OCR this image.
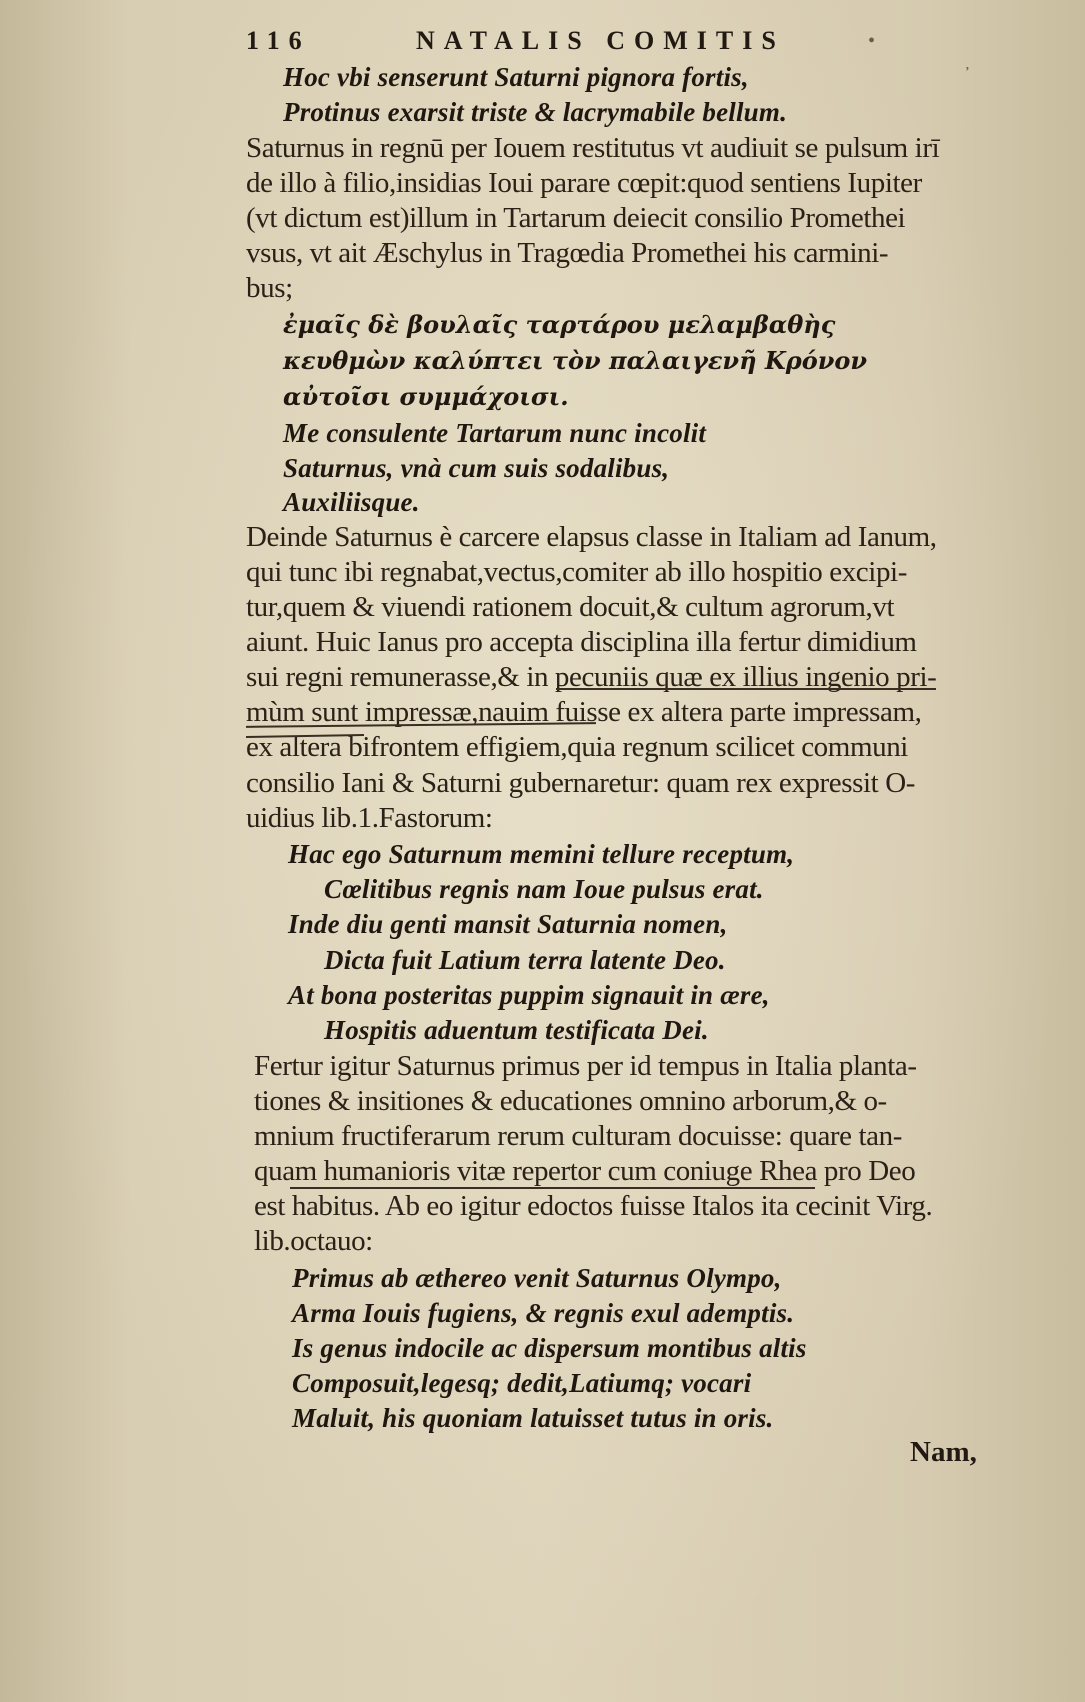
116	NATALIS COMITIS	•
᾽
Hoc vbi senserunt Saturni pignora fortis,
Protinus exarsit triste & lacrymabile bellum.
Saturnus in regnū per Iouem restitutus vt audiuit se pulsum irī
de illo à filio,insidias Ioui parare cœpit:quod sentiens Iupiter
(vt dictum est)illum in Tartarum deiecit consilio Promethei
vsus, vt ait Æschylus in Tragœdia Promethei his carmini-
bus;
ἐμαῖς δὲ βουλαῖς ταρτάρου μελαμβαθὴς
κευθμὼν καλύπτει τὸν παλαιγενῆ Κρόνον
αὐτοῖσι συμμάχοισι.
Me consulente Tartarum nunc incolit
Saturnus, vnà cum suis sodalibus,
Auxiliisque.
Deinde Saturnus è carcere elapsus classe in Italiam ad Ianum,
qui tunc ibi regnabat,vectus,comiter ab illo hospitio excipi-
tur,quem & viuendi rationem docuit,& cultum agrorum,vt
aiunt. Huic Ianus pro accepta disciplina illa fertur dimidium
sui regni remunerasse,& in pecuniis quæ ex illius ingenio pri-
mùm sunt impressæ,nauim fuisse ex altera parte impressam,
ex altera bifrontem effigiem,quia regnum scilicet communi
consilio Iani & Saturni gubernaretur: quam rex expressit O-
uidius lib.1.Fastorum:
Hac ego Saturnum memini tellure receptum,
Cœlitibus regnis nam Ioue pulsus erat.
Inde diu genti mansit Saturnia nomen,
Dicta fuit Latium terra latente Deo.
At bona posteritas puppim signauit in ære,
Hospitis aduentum testificata Dei.
Fertur igitur Saturnus primus per id tempus in Italia planta-
tiones & insitiones & educationes omnino arborum,& o-
mnium fructiferarum rerum culturam docuisse: quare tan-
quam humanioris vitæ repertor cum coniuge Rhea pro Deo
est habitus. Ab eo igitur edoctos fuisse Italos ita cecinit Virg.
lib.octauo:
Primus ab æthereo venit Saturnus Olympo,
Arma Iouis fugiens, & regnis exul ademptis.
Is genus indocile ac dispersum montibus altis
Composuit,legesq; dedit,Latiumq; vocari
Maluit, his quoniam latuisset tutus in oris.
Nam,
